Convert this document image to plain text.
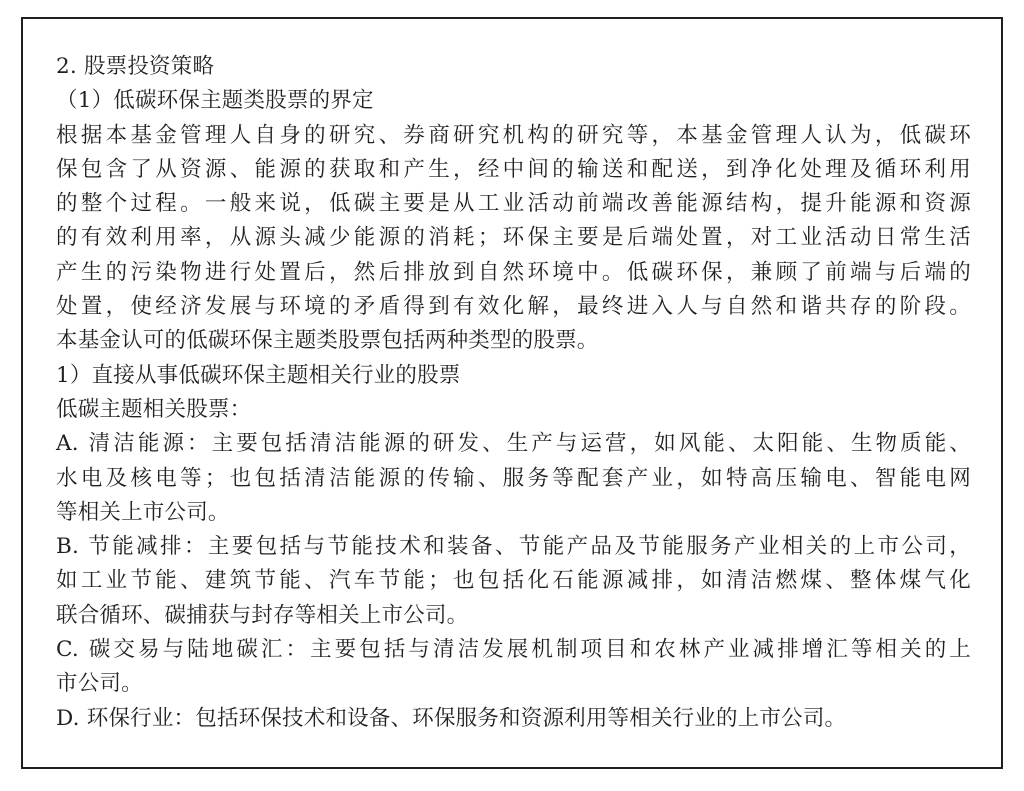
2. 股票投资策略
（1）低碳环保主题类股票的界定
根据本基金管理人自身的研究、券商研究机构的研究等，本基金管理人认为，低碳环
保包含了从资源、能源的获取和产生，经中间的输送和配送，到净化处理及循环利用
的整个过程。一般来说，低碳主要是从工业活动前端改善能源结构，提升能源和资源
的有效利用率，从源头减少能源的消耗；环保主要是后端处置，对工业活动日常生活
产生的污染物进行处置后，然后排放到自然环境中。低碳环保，兼顾了前端与后端的
处置，使经济发展与环境的矛盾得到有效化解，最终进入人与自然和谐共存的阶段。
本基金认可的低碳环保主题类股票包括两种类型的股票。
1）直接从事低碳环保主题相关行业的股票
低碳主题相关股票：
A. 清洁能源：主要包括清洁能源的研发、生产与运营，如风能、太阳能、生物质能、
水电及核电等；也包括清洁能源的传输、服务等配套产业，如特高压输电、智能电网
等相关上市公司。
B. 节能减排：主要包括与节能技术和装备、节能产品及节能服务产业相关的上市公司，
如工业节能、建筑节能、汽车节能；也包括化石能源减排，如清洁燃煤、整体煤气化
联合循环、碳捕获与封存等相关上市公司。
C. 碳交易与陆地碳汇：主要包括与清洁发展机制项目和农林产业减排增汇等相关的上
市公司。
D. 环保行业：包括环保技术和设备、环保服务和资源利用等相关行业的上市公司。
